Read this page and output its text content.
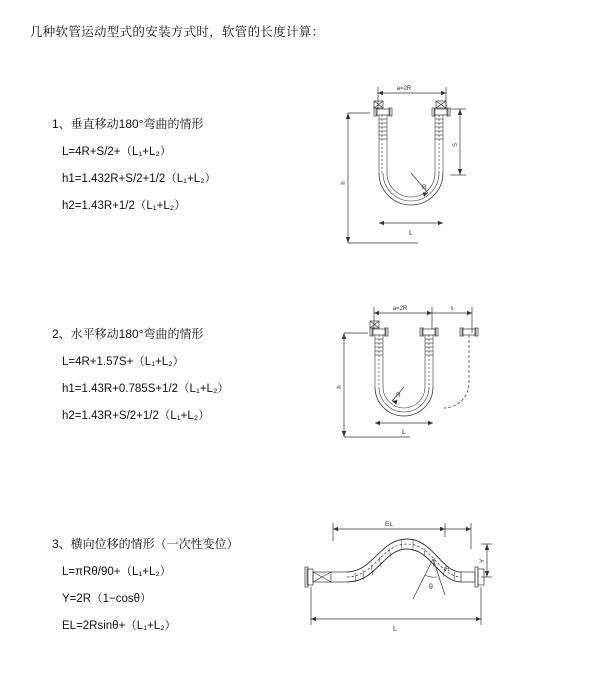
几种软管运动型式的安装方式时，软管的长度计算：
1、垂直移动180°弯曲的情形
L=4R+S/2+（L₁+L₂）
h1=1.432R+S/2+1/2（L₁+L₂）
h2=1.43R+1/2（L₁+L₂）
a=2R
h
R
L
S
2、水平移动180°弯曲的情形
L=4R+1.57S+（L₁+L₂）
h1=1.43R+0.785S+1/2（L₁+L₂）
h2=1.43R+S/2+1/2（L₁+L₂）
a=2R	s
h
R
L
3、横向位移的情形（一次性变位）
L=πRθ/90+（L₁+L₂）
Y=2R（1−cosθ）
EL=2Rsinθ+（L₁+L₂）
EL
Y
θ
R
L
